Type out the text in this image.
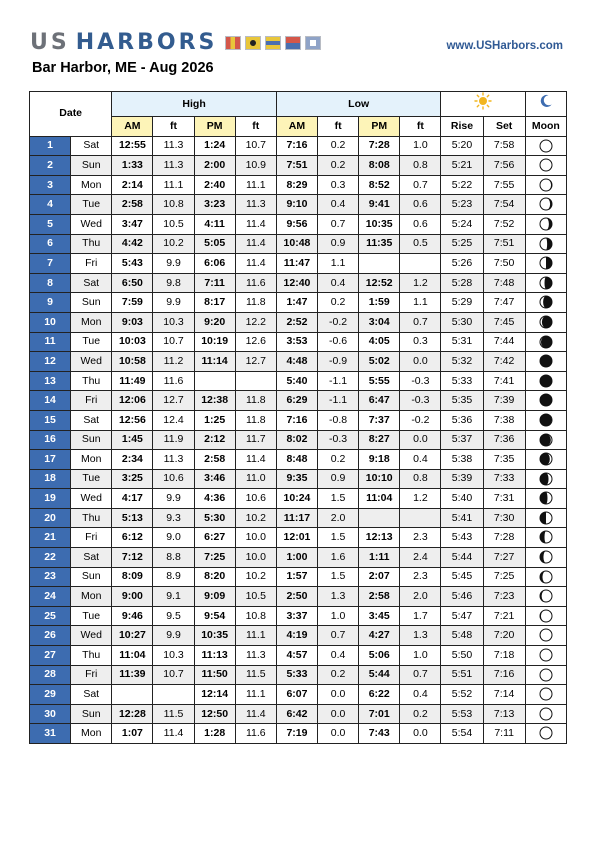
US HARBORS	www.USHarbors.com
Bar Harbor, ME - Aug 2026
Date		High				Low		
		AM	ft	PM	ft	AM	ft	PM	ft	Rise	Set	Moon
1	Sat	12:55	11.3	1:24	10.7	7:16	0.2	7:28	1.0	5:20	7:58	
2	Sun	1:33	11.3	2:00	10.9	7:51	0.2	8:08	0.8	5:21	7:56	
3	Mon	2:14	11.1	2:40	11.1	8:29	0.3	8:52	0.7	5:22	7:55	
4	Tue	2:58	10.8	3:23	11.3	9:10	0.4	9:41	0.6	5:23	7:54	
5	Wed	3:47	10.5	4:11	11.4	9:56	0.7	10:35	0.6	5:24	7:52	
6	Thu	4:42	10.2	5:05	11.4	10:48	0.9	11:35	0.5	5:25	7:51	
7	Fri	5:43	9.9	6:06	11.4	11:47	1.1			5:26	7:50	
8	Sat	6:50	9.8	7:11	11.6	12:40	0.4	12:52	1.2	5:28	7:48	
9	Sun	7:59	9.9	8:17	11.8	1:47	0.2	1:59	1.1	5:29	7:47	
10	Mon	9:03	10.3	9:20	12.2	2:52	-0.2	3:04	0.7	5:30	7:45	
11	Tue	10:03	10.7	10:19	12.6	3:53	-0.6	4:05	0.3	5:31	7:44	
12	Wed	10:58	11.2	11:14	12.7	4:48	-0.9	5:02	0.0	5:32	7:42	
13	Thu	11:49	11.6			5:40	-1.1	5:55	-0.3	5:33	7:41	
14	Fri	12:06	12.7	12:38	11.8	6:29	-1.1	6:47	-0.3	5:35	7:39	
15	Sat	12:56	12.4	1:25	11.8	7:16	-0.8	7:37	-0.2	5:36	7:38	
16	Sun	1:45	11.9	2:12	11.7	8:02	-0.3	8:27	0.0	5:37	7:36	
17	Mon	2:34	11.3	2:58	11.4	8:48	0.2	9:18	0.4	5:38	7:35	
18	Tue	3:25	10.6	3:46	11.0	9:35	0.9	10:10	0.8	5:39	7:33	
19	Wed	4:17	9.9	4:36	10.6	10:24	1.5	11:04	1.2	5:40	7:31	
20	Thu	5:13	9.3	5:30	10.2	11:17	2.0			5:41	7:30	
21	Fri	6:12	9.0	6:27	10.0	12:01	1.5	12:13	2.3	5:43	7:28	
22	Sat	7:12	8.8	7:25	10.0	1:00	1.6	1:11	2.4	5:44	7:27	
23	Sun	8:09	8.9	8:20	10.2	1:57	1.5	2:07	2.3	5:45	7:25	
24	Mon	9:00	9.1	9:09	10.5	2:50	1.3	2:58	2.0	5:46	7:23	
25	Tue	9:46	9.5	9:54	10.8	3:37	1.0	3:45	1.7	5:47	7:21	
26	Wed	10:27	9.9	10:35	11.1	4:19	0.7	4:27	1.3	5:48	7:20	
27	Thu	11:04	10.3	11:13	11.3	4:57	0.4	5:06	1.0	5:50	7:18	
28	Fri	11:39	10.7	11:50	11.5	5:33	0.2	5:44	0.7	5:51	7:16	
29	Sat			12:14	11.1	6:07	0.0	6:22	0.4	5:52	7:14	
30	Sun	12:28	11.5	12:50	11.4	6:42	0.0	7:01	0.2	5:53	7:13	
31	Mon	1:07	11.4	1:28	11.6	7:19	0.0	7:43	0.0	5:54	7:11	
